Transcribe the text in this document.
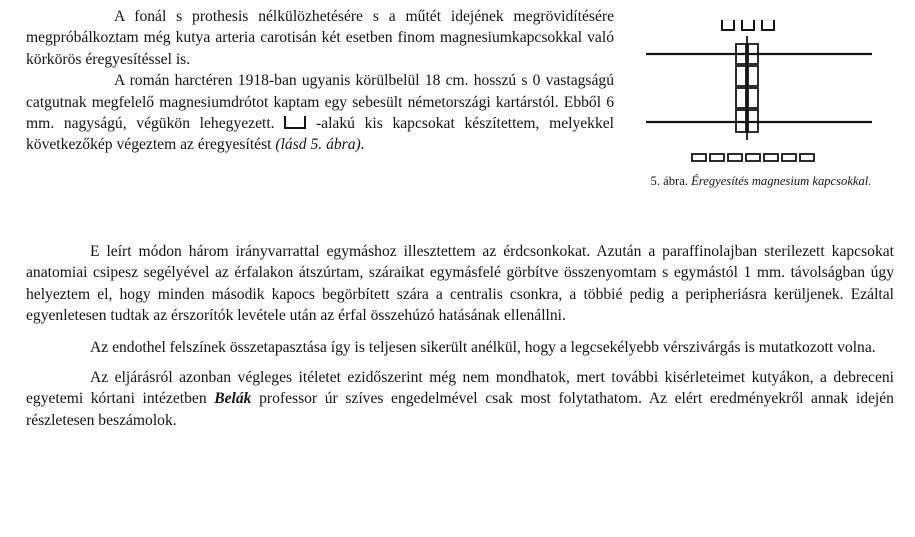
A fonál s prothesis nélkülözhetésére s a műtét idejének megrövidítésére megpróbálkoztam még kutya arteria carotisán két esetben finom magnesiumkapcsokkal való körkörös éregyesítéssel is.

A román harctéren 1918-ban ugyanis körülbelül 18 cm. hosszú s 0 vastagságú catgutnak megfelelő magnesiumdrótot kaptam egy sebesült németországi kartárstól. Ebből 6 mm. nagyságú, végükön lehegyezett.	-alakú kis kapcsokat készítettem, melyekkel következőkép végeztem az éregyesítést (lásd 5. ábra).

5. ábra. Éregyesítés magnesium kapcsokkal.

E leírt módon három irányvarrattal egymáshoz illesztettem az érdcsonkokat. Azután a paraffinolajban sterilezett kapcsokat anatomiai csipesz segélyével az érfalakon átszúrtam, száraikat egymásfelé görbítve összenyomtam s egymástól 1 mm. távolságban úgy helyeztem el, hogy minden második kapocs begörbített szára a centralis csonkra, a többié pedig a peripheriásra kerüljenek. Ezáltal egyenletesen tudtak az érszorítók levétele után az érfal összehúzó hatásának ellenállni.

Az endothel felszínek összetapasztása így is teljesen sikerült anélkül, hogy a legcsekélyebb vérszivárgás is mutatkozott volna.

Az eljárásról azonban végleges itéletet ezidőszerint még nem mondhatok, mert további kisérleteimet kutyákon, a debreceni egyetemi kórtani intézetben Belák professor úr szíves engedelmével csak most folytathatom. Az elért eredményekről annak idején részletesen beszámolok.
